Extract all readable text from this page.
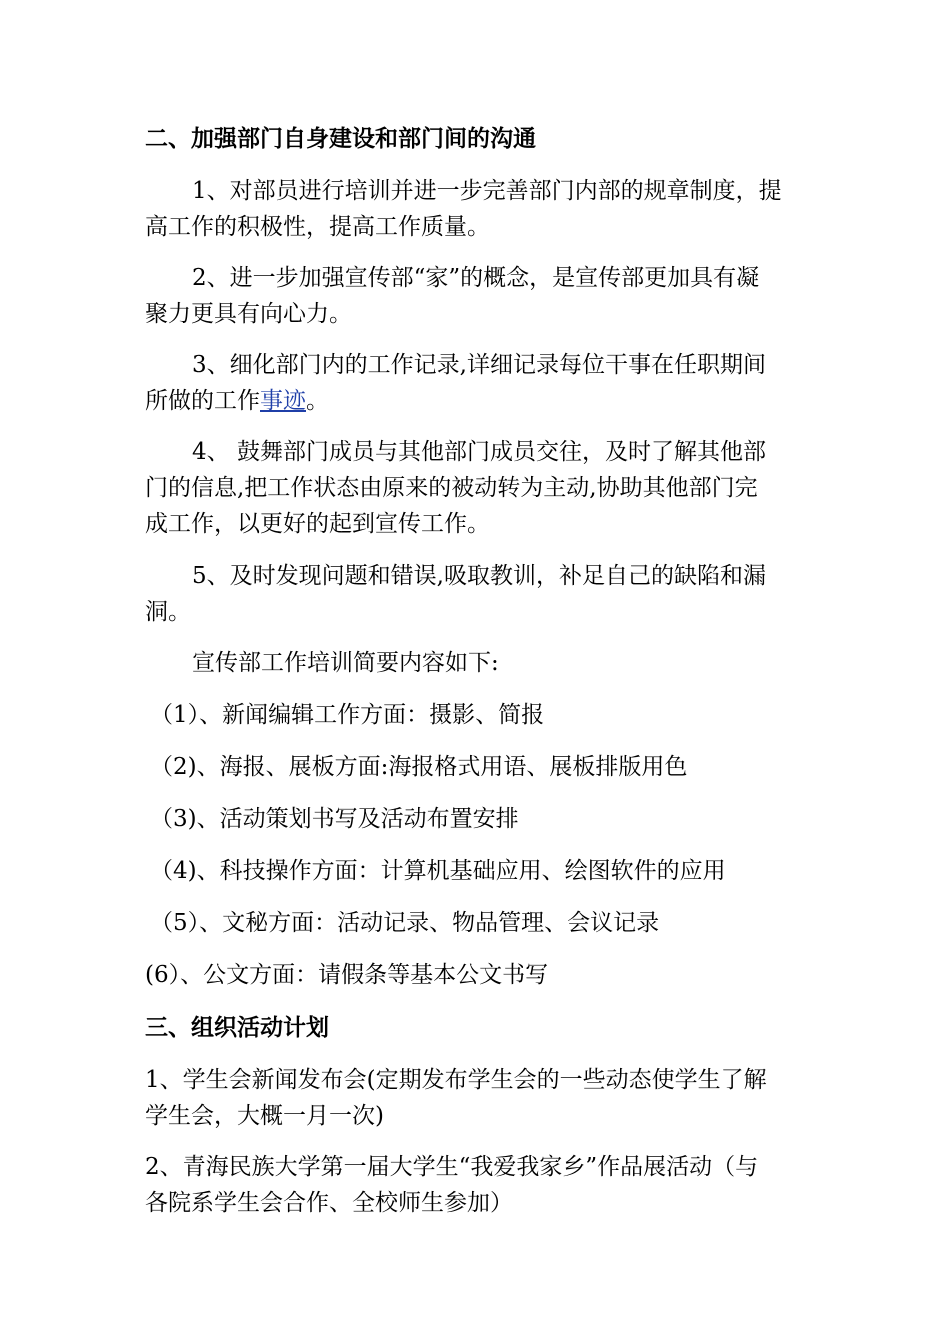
二、加强部门自身建设和部门间的沟通
1、对部员进行培训并进一步完善部门内部的规章制度，提
高工作的积极性，提高工作质量。
2、进一步加强宣传部“家”的概念，是宣传部更加具有凝
聚力更具有向心力。
3、细化部门内的工作记录,详细记录每位干事在任职期间
所做的工作事迹。
4、 鼓舞部门成员与其他部门成员交往，及时了解其他部
门的信息,把工作状态由原来的被动转为主动,协助其他部门完
成工作，以更好的起到宣传工作。
5、及时发现问题和错误,吸取教训，补足自己的缺陷和漏
洞。
宣传部工作培训简要内容如下:
（1）、新闻编辑工作方面：摄影、简报
（2)、海报、展板方面:海报格式用语、展板排版用色
（3)、活动策划书写及活动布置安排
（4)、科技操作方面：计算机基础应用、绘图软件的应用
（5）、文秘方面：活动记录、物品管理、会议记录
(6）、公文方面：请假条等基本公文书写
三、组织活动计划
1、学生会新闻发布会(定期发布学生会的一些动态使学生了解
学生会，大概一月一次)
2、青海民族大学第一届大学生“我爱我家乡”作品展活动（与
各院系学生会合作、全校师生参加）
